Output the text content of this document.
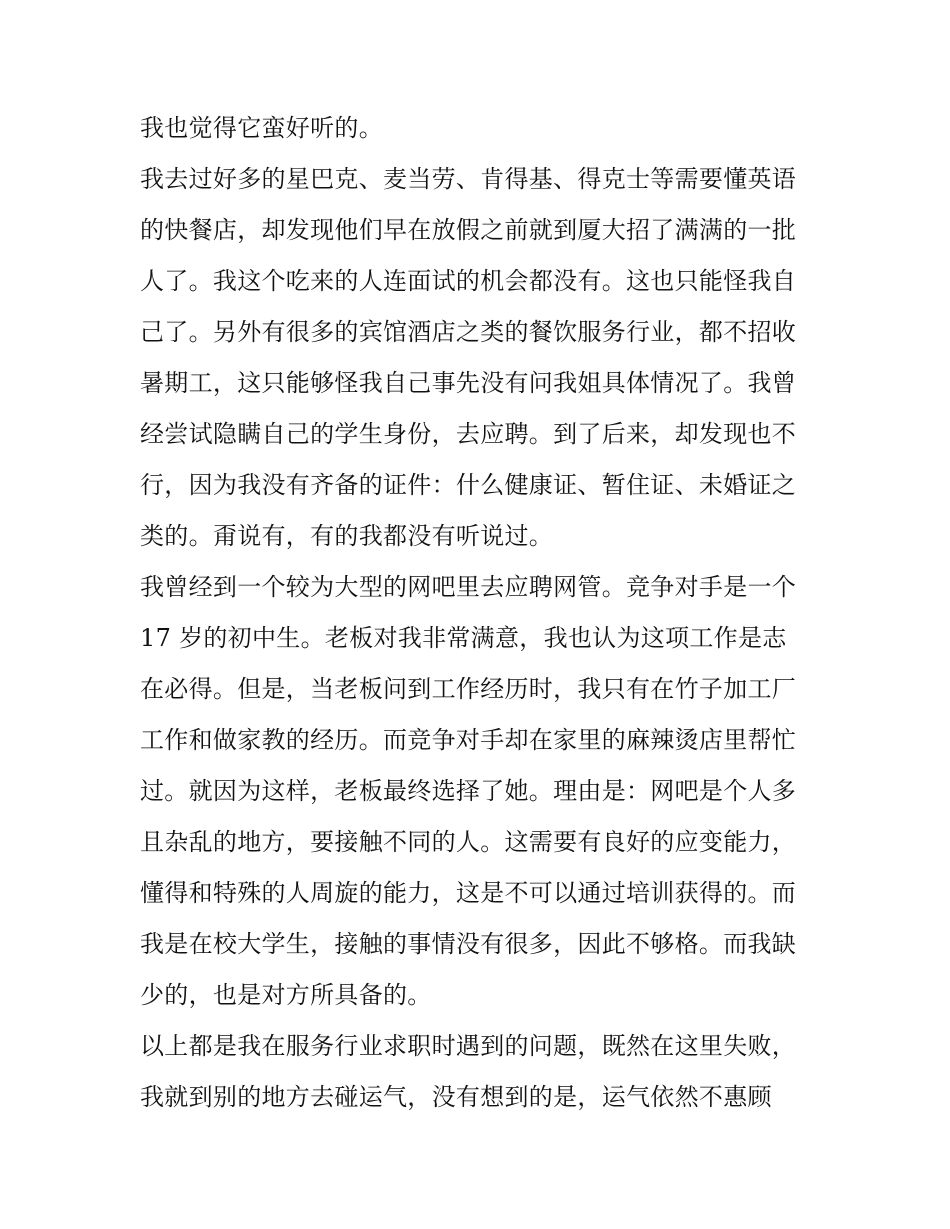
我也觉得它蛮好听的。
我去过好多的星巴克、麦当劳、肯得基、得克士等需要懂英语
的快餐店，却发现他们早在放假之前就到厦大招了满满的一批
人了。我这个吃来的人连面试的机会都没有。这也只能怪我自
己了。另外有很多的宾馆酒店之类的餐饮服务行业，都不招收
暑期工，这只能够怪我自己事先没有问我姐具体情况了。我曾
经尝试隐瞒自己的学生身份，去应聘。到了后来，却发现也不
行，因为我没有齐备的证件：什么健康证、暂住证、未婚证之
类的。甭说有，有的我都没有听说过。
我曾经到一个较为大型的网吧里去应聘网管。竞争对手是一个
17 岁的初中生。老板对我非常满意，我也认为这项工作是志
在必得。但是，当老板问到工作经历时，我只有在竹子加工厂
工作和做家教的经历。而竞争对手却在家里的麻辣烫店里帮忙
过。就因为这样，老板最终选择了她。理由是：网吧是个人多
且杂乱的地方，要接触不同的人。这需要有良好的应变能力，
懂得和特殊的人周旋的能力，这是不可以通过培训获得的。而
我是在校大学生，接触的事情没有很多，因此不够格。而我缺
少的，也是对方所具备的。
以上都是我在服务行业求职时遇到的问题，既然在这里失败，
我就到别的地方去碰运气，没有想到的是，运气依然不惠顾
